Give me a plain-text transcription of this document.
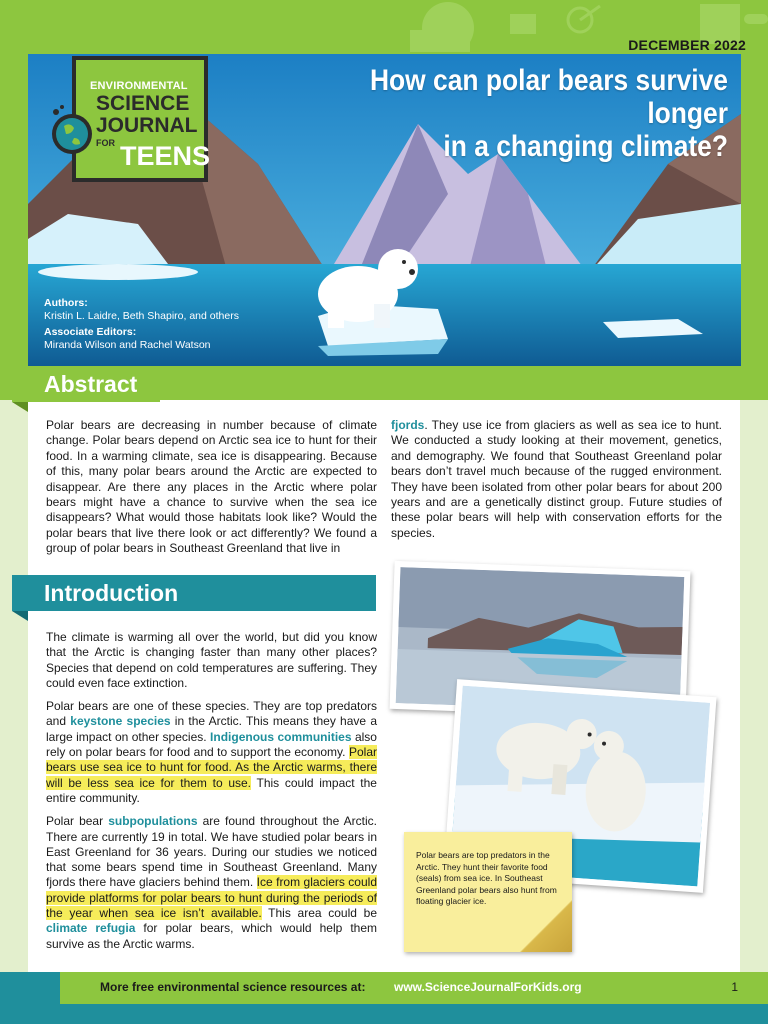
DECEMBER 2022
How can polar bears survive longer
in a changing climate?
Authors:
Kristin L. Laidre, Beth Shapiro, and others
Associate Editors:
Miranda Wilson and Rachel Watson
ENVIRONMENTAL
SCIENCE
JOURNAL
FOR TEENS
Abstract
Polar bears are decreasing in number because of climate change. Polar bears depend on Arctic sea ice to hunt for their food. In a warming climate, sea ice is disappearing. Because of this, many polar bears around the Arctic are expected to disappear. Are there any places in the Arctic where polar bears might have a chance to survive when the sea ice disappears? What would those habitats look like? Would the polar bears that live there look or act differently? We found a group of polar bears in Southeast Greenland that live in
fjords. They use ice from glaciers as well as sea ice to hunt. We conducted a study looking at their movement, genetics, and demography. We found that Southeast Greenland polar bears don’t travel much because of the rugged environment. They have been isolated from other polar bears for about 200 years and are a genetically distinct group. Future studies of these polar bears will help with conservation efforts for the species.
Introduction

The climate is warming all over the world, but did you know that the Arctic is changing faster than many other places? Species that depend on cold temperatures are suffering. They could even face extinction.

Polar bears are one of these species. They are top predators and keystone species in the Arctic. This means they have a large impact on other species. Indigenous communities also rely on polar bears for food and to support the economy. Polar bears use sea ice to hunt for food. As the Arctic warms, there will be less sea ice for them to use. This could impact the entire community.

Polar bear subpopulations are found throughout the Arctic. There are currently 19 in total. We have studied polar bears in East Greenland for 36 years. During our studies we noticed that some bears spend time in Southeast Greenland. Many fjords there have glaciers behind them. Ice from glaciers could provide platforms for polar bears to hunt during the periods of the year when sea ice isn’t available. This area could be climate refugia for polar bears, which would help them survive as the Arctic warms.

Polar bears are top predators in the Arctic. They hunt their favorite food (seals) from sea ice. In Southeast Greenland polar bears also hunt from floating glacier ice.
More free environmental science resources at: www.ScienceJournalForKids.org	1
